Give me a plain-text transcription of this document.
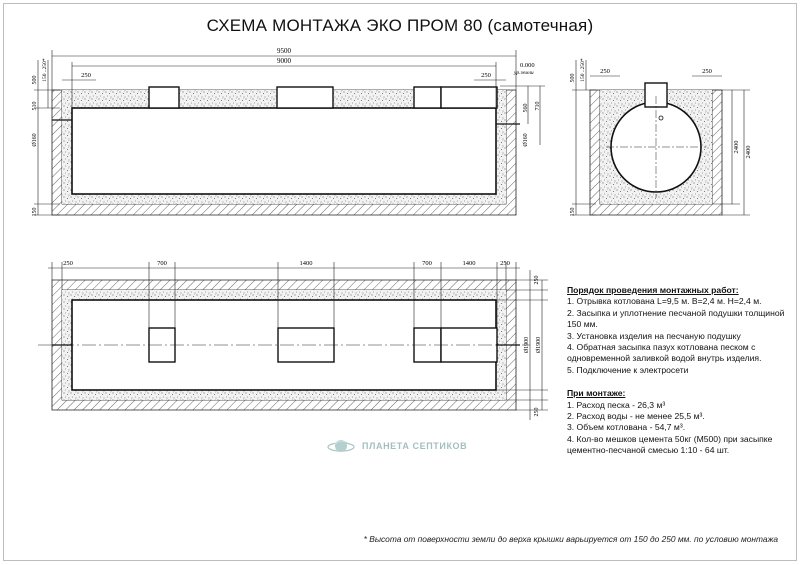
СХЕМА МОНТАЖА ЭКО ПРОМ 80 (самотечная)
9500
9000
250	250
0.000
ур.земли
500 150 ..250*
510
Ø160
150
560 710
Ø160
250	250
500 150 ..250*
150
2400 2400
250	700	1400	700	1400	250
250
Ø1900 Ø1900
250
Порядок проведения монтажных работ:
1. Отрывка котлована L=9,5 м. В=2,4 м. Н=2,4 м.
2. Засыпка и уплотнение песчаной подушки толщиной 150 мм.
3. Установка изделия на песчаную подушку
4. Обратная засыпка пазух котлована песком с одновременной заливкой водой внутрь изделия.
5. Подключение к электросети
При монтаже:
1. Расход песка - 26,3 м³
2. Расход воды - не менее 25,5 м³.
3. Объем котлована - 54,7 м³.
4. Кол-во мешков цемента 50кг (М500) при засыпке цементно-песчаной смесью 1:10 - 64 шт.
ПЛАНЕТА СЕПТИКОВ
* Высота от поверхности земли до верха крышки варьируется от 150 до 250 мм. по условию монтажа
